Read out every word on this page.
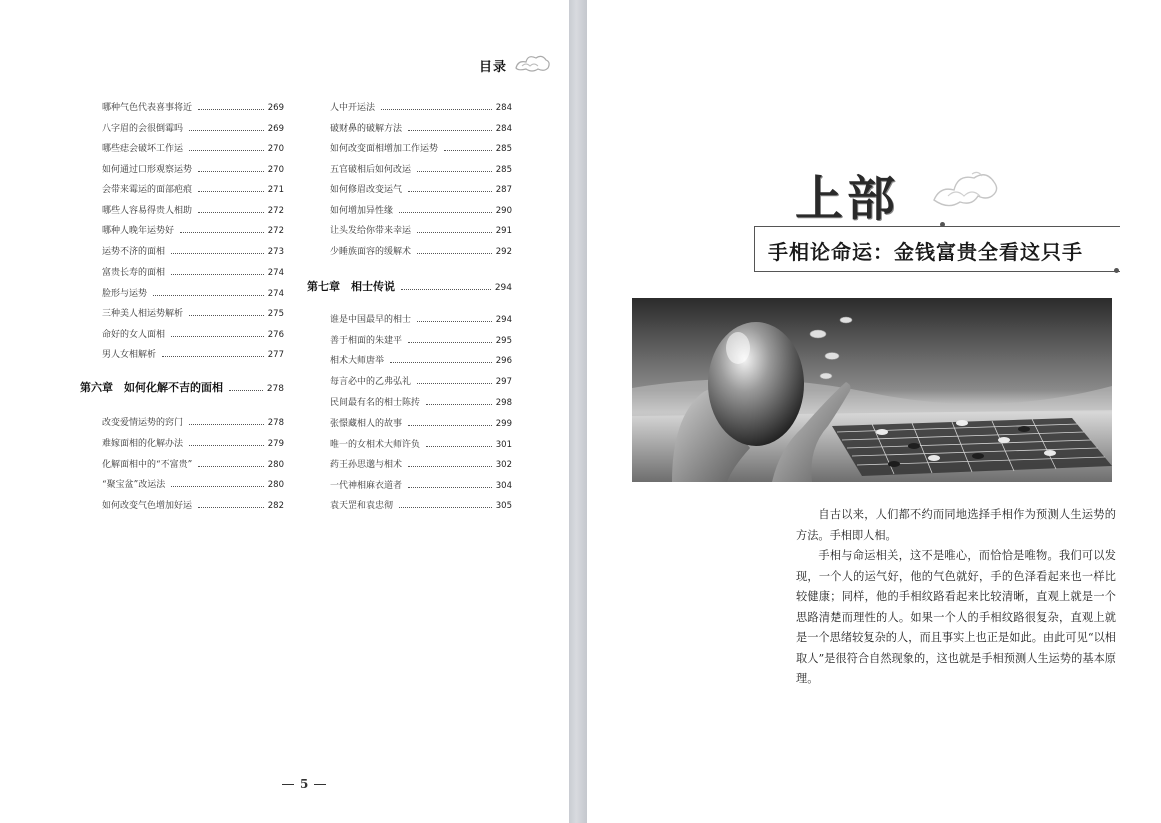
目录
哪种气色代表喜事将近	269
八字眉的会很倒霉吗	269
哪些痣会破坏工作运	270
如何通过口形观察运势	270
会带来霉运的面部疤痕	271
哪些人容易得贵人相助	272
哪种人晚年运势好	272
运势不济的面相	273
富贵长寿的面相	274
脸形与运势	274
三种美人相运势解析	275
命好的女人面相	276
男人女相解析	277
第六章　如何化解不吉的面相	278
改变爱情运势的窍门	278
难嫁面相的化解办法	279
化解面相中的“不富贵”	280
“聚宝盆”改运法	280
如何改变气色增加好运	282
人中开运法	284
破财鼻的破解方法	284
如何改变面相增加工作运势	285
五官破相后如何改运	285
如何修眉改变运气	287
如何增加异性缘	290
让头发给你带来幸运	291
少睡族面容的缓解术	292
第七章　相士传说	294
谁是中国最早的相士	294
善于相面的朱建平	295
相术大师唐举	296
每言必中的乙弗弘礼	297
民间最有名的相士陈抟	298
张憬藏相人的故事	299
唯一的女相术大师许负	301
药王孙思邈与相术	302
一代神相麻衣道者	304
袁天罡和袁忠彻	305
5
上部
手相论命运：金钱富贵全看这只手

自古以来，人们都不约而同地选择手相作为预测人生运势的方法。手相即人相。

手相与命运相关，这不是唯心，而恰恰是唯物。我们可以发现，一个人的运气好，他的气色就好，手的色泽看起来也一样比较健康；同样，他的手相纹路看起来比较清晰，直观上就是一个思路清楚而理性的人。如果一个人的手相纹路很复杂，直观上就是一个思绪较复杂的人，而且事实上也正是如此。由此可见“以相取人”是很符合自然现象的，这也就是手相预测人生运势的基本原理。
